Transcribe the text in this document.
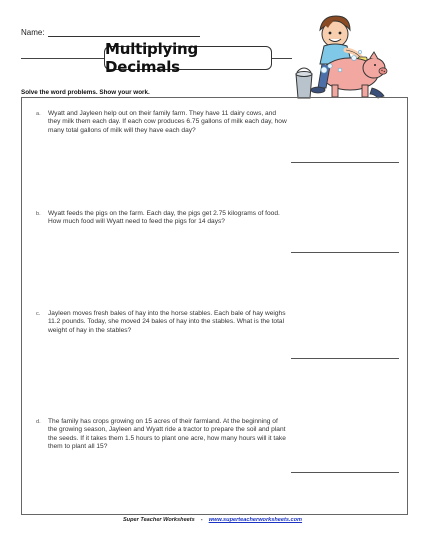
Name:
Multiplying Decimals
Solve the word problems. Show your work.
a. Wyatt and Jayleen help out on their family farm. They have 11 dairy cows, and they milk them each day. If each cow produces 6.75 gallons of milk each day, how many total gallons of milk will they have each day?
b. Wyatt feeds the pigs on the farm. Each day, the pigs get 2.75 kilograms of food. How much food will Wyatt need to feed the pigs for 14 days?
c. Jayleen moves fresh bales of hay into the horse stables. Each bale of hay weighs 11.2 pounds. Today, she moved 24 bales of hay into the stables. What is the total weight of hay in the stables?
d. The family has crops growing on 15 acres of their farmland. At the beginning of the growing season, Jayleen and Wyatt ride a tractor to prepare the soil and plant the seeds. If it takes them 1.5 hours to plant one acre, how many hours will it take them to plant all 15?
Super Teacher Worksheets - www.superteacherworksheets.com
